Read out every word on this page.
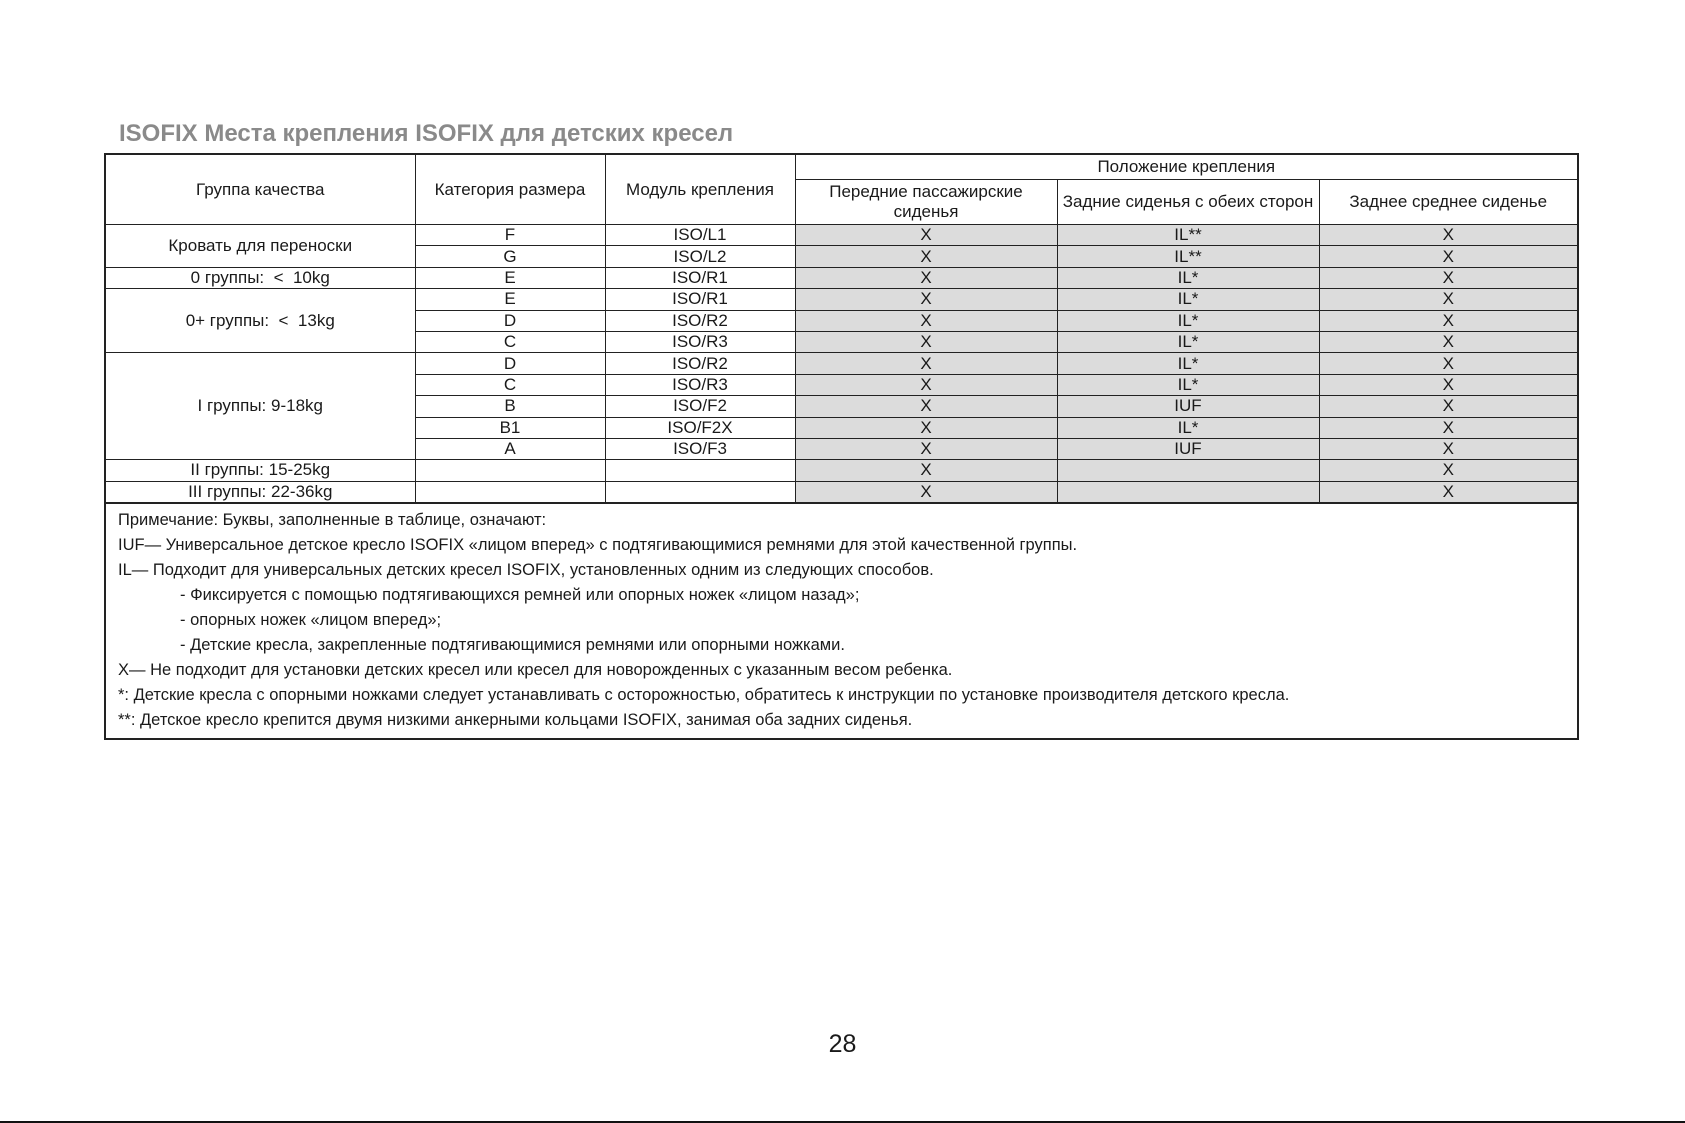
ISOFIX Места крепления ISOFIX для детских кресел
Группа качества	Категория размера	Модуль крепления	Положение крепления		
			Передние пассажирские сиденья	Задние сиденья с обеих сторон	Заднее среднее сиденье
Кровать для переноски	F	ISO/L1	X	IL**	X
	G	ISO/L2	X	IL**	X
0 группы:  <  10kg	E	ISO/R1	X	IL*	X
0+ группы:  <  13kg	E	ISO/R1	X	IL*	X
	D	ISO/R2	X	IL*	X
	C	ISO/R3	X	IL*	X
I группы: 9-18kg	D	ISO/R2	X	IL*	X
	C	ISO/R3	X	IL*	X
	B	ISO/F2	X	IUF	X
	B1	ISO/F2X	X	IL*	X
	A	ISO/F3	X	IUF	X
II группы: 15-25kg			X		X
III группы: 22-36kg			X		X
Примечание: Буквы, заполненные в таблице, означают:
IUF— Универсальное детское кресло ISOFIX «лицом вперед» с подтягивающимися ремнями для этой качественной группы.
IL— Подходит для универсальных детских кресел ISOFIX, установленных одним из следующих способов.
- Фиксируется с помощью подтягивающихся ремней или опорных ножек «лицом назад»;
- опорных ножек «лицом вперед»;
- Детские кресла, закрепленные подтягивающимися ремнями или опорными ножками.
X— Не подходит для установки детских кресел или кресел для новорожденных с указанным весом ребенка.
*: Детские кресла с опорными ножками следует устанавливать с осторожностью, обратитесь к инструкции по установке производителя детского кресла.
**: Детское кресло крепится двумя низкими анкерными кольцами ISOFIX, занимая оба задних сиденья.
28
